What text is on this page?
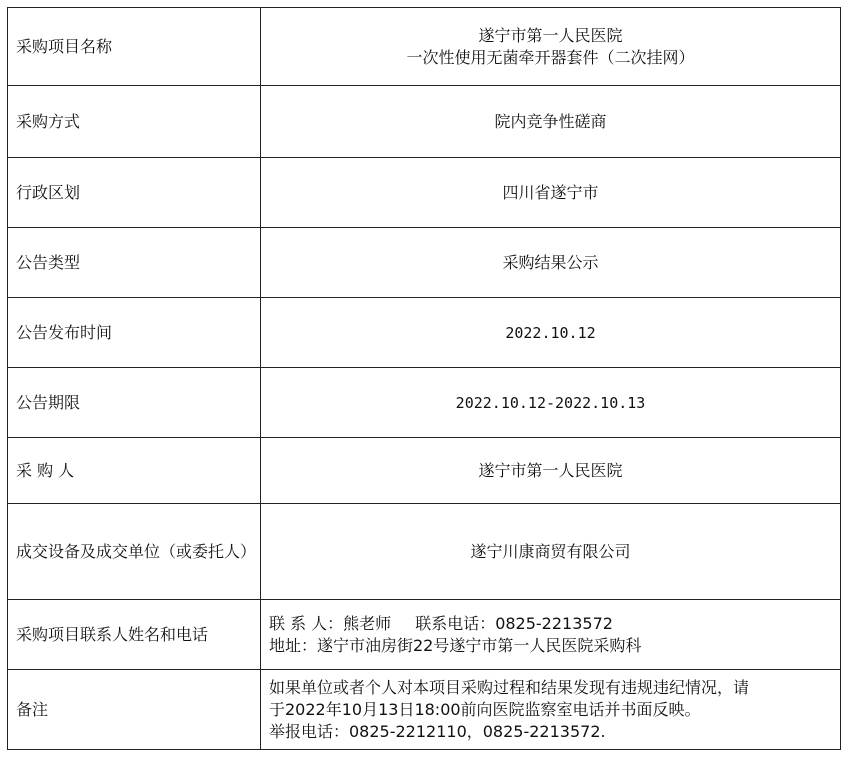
采购项目名称	遂宁市第一人民医院
一次性使用无菌牵开器套件（二次挂网）

采购方式	院内竞争性磋商
行政区划	四川省遂宁市
公告类型	采购结果公示
公告发布时间	2022.10.12
公告期限	2022.10.12-2022.10.13
采 购 人	遂宁市第一人民医院
成交设备及成交单位（或委托人）	遂宁川康商贸有限公司
采购项目联系人姓名和电话	联 系 人：熊老师 联系电话：0825-2213572
地址：遂宁市油房街22号遂宁市第一人民医院采购科

备注	如果单位或者个人对本项目采购过程和结果发现有违规违纪情况，请
于2022年10月13日18:00前向医院监察室电话并书面反映。
举报电话：0825-2212110，0825-2213572.
